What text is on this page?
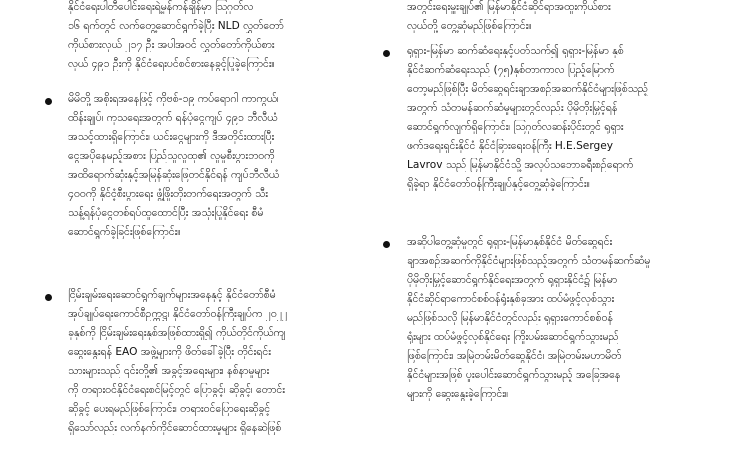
နိုင်ငံရေးပါတီပေါင်းရေးရဲ့မှန်ကန်ချိန်မှာ သြဂုတ်လ
၁၆ ရက်တွင် လက်တွေ့ဆောင်ရွက်ခဲ့ပြီး NLD လွှတ်တော်
ကိုယ်စားလှယ် ၂၁၇ ဦး အပါအဝင် လွှတ်တော်ကိုယ်စား
လှယ် ၄၉၁ ဦးကို နိုင်ငံရေးပင်စင်စားနေခွင့်ပြုခဲ့ကြောင်း။
မိမိတို့ အစိုးရအနေဖြင့် ကိုဗစ်-၁၉ ကပ်ရောဂါ ကာကွယ်၊
ထိန်းချုပ်၊ ကုသရေးအတွက် ရန်ပုံငွေကျပ် ၄၉၁ ဘီလီယံ
အသင့်ထားရှိကြောင်း၊ ယင်းငွေများကို ဒီအတိုင်းထားပြီး
ငွေအပိုနေမည့်အစား ပြည်သူလူထု၏ လူမှုစီးပွားဘဝကို
အထိရောက်ဆုံးနှင့်အမြန်ဆုံးဖြေတင်နိုင်ရန် ကျပ်ဘီလီယံ
၄၀၀ကို နိုင်ငံ့စီးပွားရေး ဖွံ့ဖြိုးတိုးတက်ရေးအတွက် သီး
သန့်ရန်ပုံငွေတစ်ရပ်ထူထောင်ပြီး အသုံးပြုနိုင်ရေး စီမံ
ဆောင်ရွက်ခဲ့ခြင်းဖြစ်ကြောင်း။
ငြိမ်းချမ်းရေးဆောင်ရွက်ချက်များအနေနှင့် နိုင်ငံတော်စီမံ
အုပ်ချုပ်ရေးကောင်စီဥက္ကဋ္ဌ၊ နိုင်ငံတော်ဝန်ကြီးချုပ်က ၂၀၂၂
ခုနှစ်ကို ငြိမ်းချမ်းရေးနှစ်အဖြစ်ထားရှိ၍ ကိုယ်တိုင်ကိုယ်ကျ
ဆွေးနွေးရန် EAO အဖွဲ့များကို ဖိတ်ခေါ်ခဲ့ပြီး တိုင်းရင်း
သားများသည် ၎င်းတို့၏ အခွင့်အရေးများ၊ နစ်နာမှုများ
ကို တရားဝင်နိုင်ငံရေးစင်မြင့်တွင် ပြောခွင့်၊ ဆိုခွင့်၊ တောင်း
ဆိုခွင့် ပေးရမည်ဖြစ်ကြောင်း၊ တရားဝင်ပြောရေးဆိုခွင့်
ရှိသော်လည်း လက်နက်ကိုင်ဆောင်ထားမှုများ ရှိနေဆဲဖြစ်
အတွင်းရေးမှူးချုပ်၏ မြန်မာနိုင်ငံဆိုင်ရာအထူးကိုယ်စား
လှယ်တို့ တွေ့ဆုံမည်ဖြစ်ကြောင်း။
ရုရှား-မြန်မာ ဆက်ဆံရေးနှင့်ပတ်သက်၍ ရုရှား-မြန်မာ နှစ်
နိုင်ငံဆက်ဆံရေးသည် (၇၅)နှစ်တာကာလ ပြည့်မြောက်
တော့မည်ဖြစ်ပြီး မိတ်ဆွေရင်းချာအစဉ်အဆက်နိုင်ငံများဖြစ်သည့်
အတွက် သံတမန်ဆက်ဆံမှုများတွင်လည်း ပိုမိုတိုးမြှင့်ရန်
ဆောင်ရွက်လျက်ရှိကြောင်း၊ ဩဂုတ်လဆန်းပိုင်းတွင် ရုရှား
ဖက်ဒရေးရှင်းနိုင်ငံ နိုင်ငံခြားရေးဝန်ကြီး H.E.Sergey
Lavrov သည် မြန်မာနိုင်ငံသို့ အလုပ်သဘောခရီးစဉ်ရောက်
ရှိခဲ့ရာ နိုင်ငံတော်ဝန်ကြီးချုပ်နှင့်တွေ့ဆုံခဲ့ကြောင်း။
အဆိုပါတွေ့ဆုံမှုတွင် ရုရှား-မြန်မာနှစ်နိုင်ငံ မိတ်ဆွေရင်း
ချာအစဉ်အဆက်ကိုနိုင်ငံများဖြစ်သည့်အတွက် သံတမန်ဆက်ဆံမှု
ပိုမိုတိုးမြှင့်ဆောင်ရွက်နိုင်ရေးအတွက် ရုရှားနိုင်ငံ၌ မြန်မာ
နိုင်ငံဆိုင်ရာကောင်စစ်ဝန်ရုံးနှစ်ခုအား ထပ်မံဖွင့်လှစ်သွား
မည်ဖြစ်သလို မြန်မာနိုင်ငံတွင်လည်း ရုရှားကောင်စစ်ဝန်
ရုံးများ ထပ်မံဖွင့်လှစ်နိုင်ရေး ကြိုးပမ်းဆောင်ရွက်သွားမည်
ဖြစ်ကြောင်း၊ အမြဲတမ်းမိတ်ဆွေနိုင်ငံ၊ အမြဲတမ်းမဟာမိတ်
နိုင်ငံများအဖြစ် ပူးပေါင်းဆောင်ရွက်သွားမည့် အခြေအနေ
များကို ဆွေးနွေးခဲ့ကြောင်း။
